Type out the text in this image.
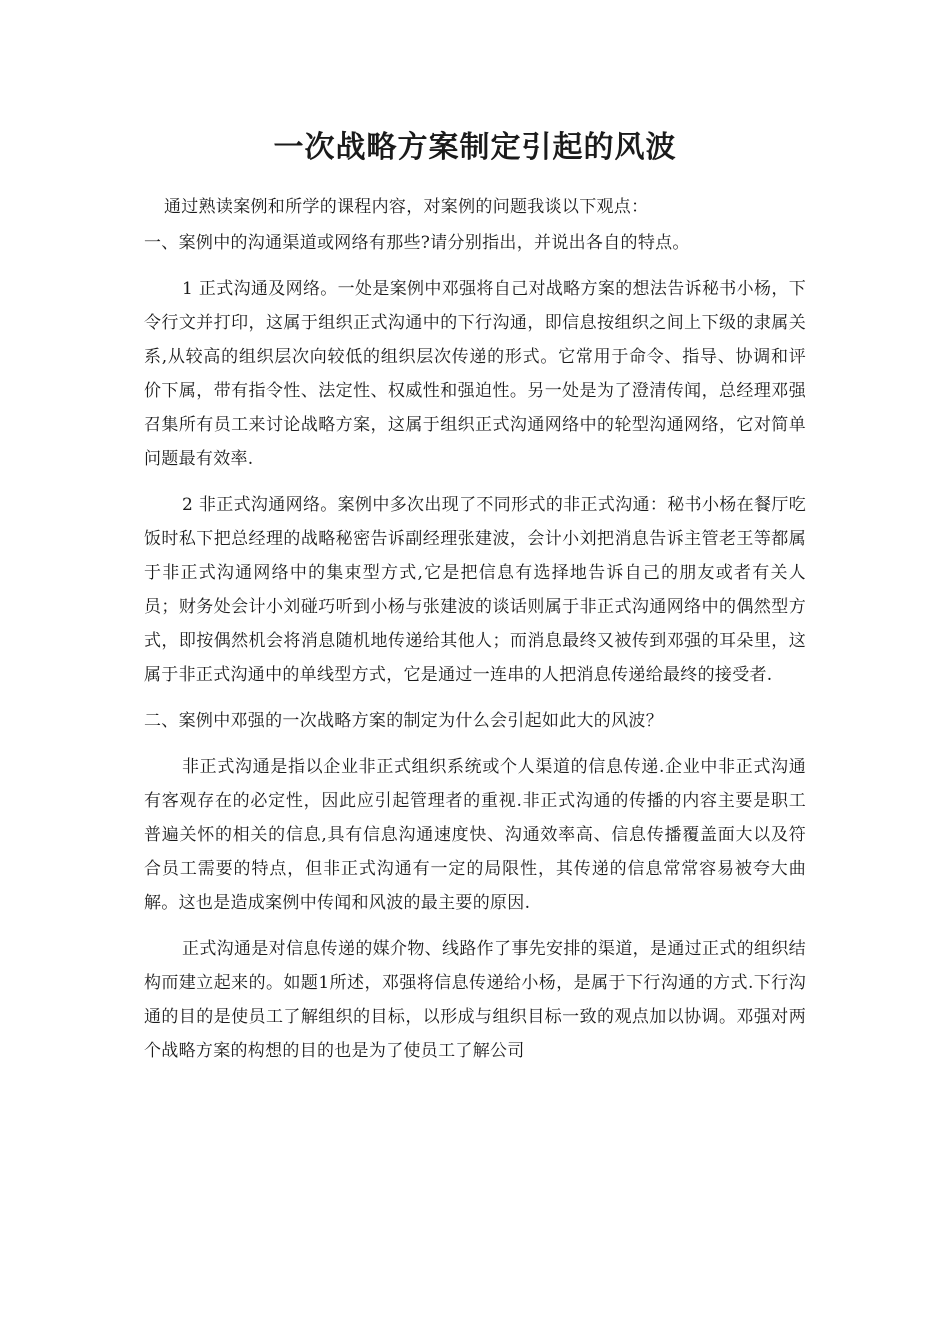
一次战略方案制定引起的风波

通过熟读案例和所学的课程内容，对案例的问题我谈以下观点：

一、案例中的沟通渠道或网络有那些?请分别指出，并说出各自的特点。

1 正式沟通及网络。一处是案例中邓强将自己对战略方案的想法告诉秘书小杨，下令行文并打印，这属于组织正式沟通中的下行沟通，即信息按组织之间上下级的隶属关系,从较高的组织层次向较低的组织层次传递的形式。它常用于命令、指导、协调和评价下属，带有指令性、法定性、权威性和强迫性。另一处是为了澄清传闻，总经理邓强召集所有员工来讨论战略方案，这属于组织正式沟通网络中的轮型沟通网络，它对简单问题最有效率.

2 非正式沟通网络。案例中多次出现了不同形式的非正式沟通：秘书小杨在餐厅吃饭时私下把总经理的战略秘密告诉副经理张建波，会计小刘把消息告诉主管老王等都属于非正式沟通网络中的集束型方式,它是把信息有选择地告诉自己的朋友或者有关人员；财务处会计小刘碰巧听到小杨与张建波的谈话则属于非正式沟通网络中的偶然型方式，即按偶然机会将消息随机地传递给其他人；而消息最终又被传到邓强的耳朵里，这属于非正式沟通中的单线型方式，它是通过一连串的人把消息传递给最终的接受者.

二、案例中邓强的一次战略方案的制定为什么会引起如此大的风波？

非正式沟通是指以企业非正式组织系统或个人渠道的信息传递.企业中非正式沟通有客观存在的必定性，因此应引起管理者的重视.非正式沟通的传播的内容主要是职工普遍关怀的相关的信息,具有信息沟通速度快、沟通效率高、信息传播覆盖面大以及符合员工需要的特点，但非正式沟通有一定的局限性，其传递的信息常常容易被夸大曲解。这也是造成案例中传闻和风波的最主要的原因.

正式沟通是对信息传递的媒介物、线路作了事先安排的渠道，是通过正式的组织结构而建立起来的。如题1所述，邓强将信息传递给小杨，是属于下行沟通的方式.下行沟通的目的是使员工了解组织的目标，以形成与组织目标一致的观点加以协调。邓强对两个战略方案的构想的目的也是为了使员工了解公司
